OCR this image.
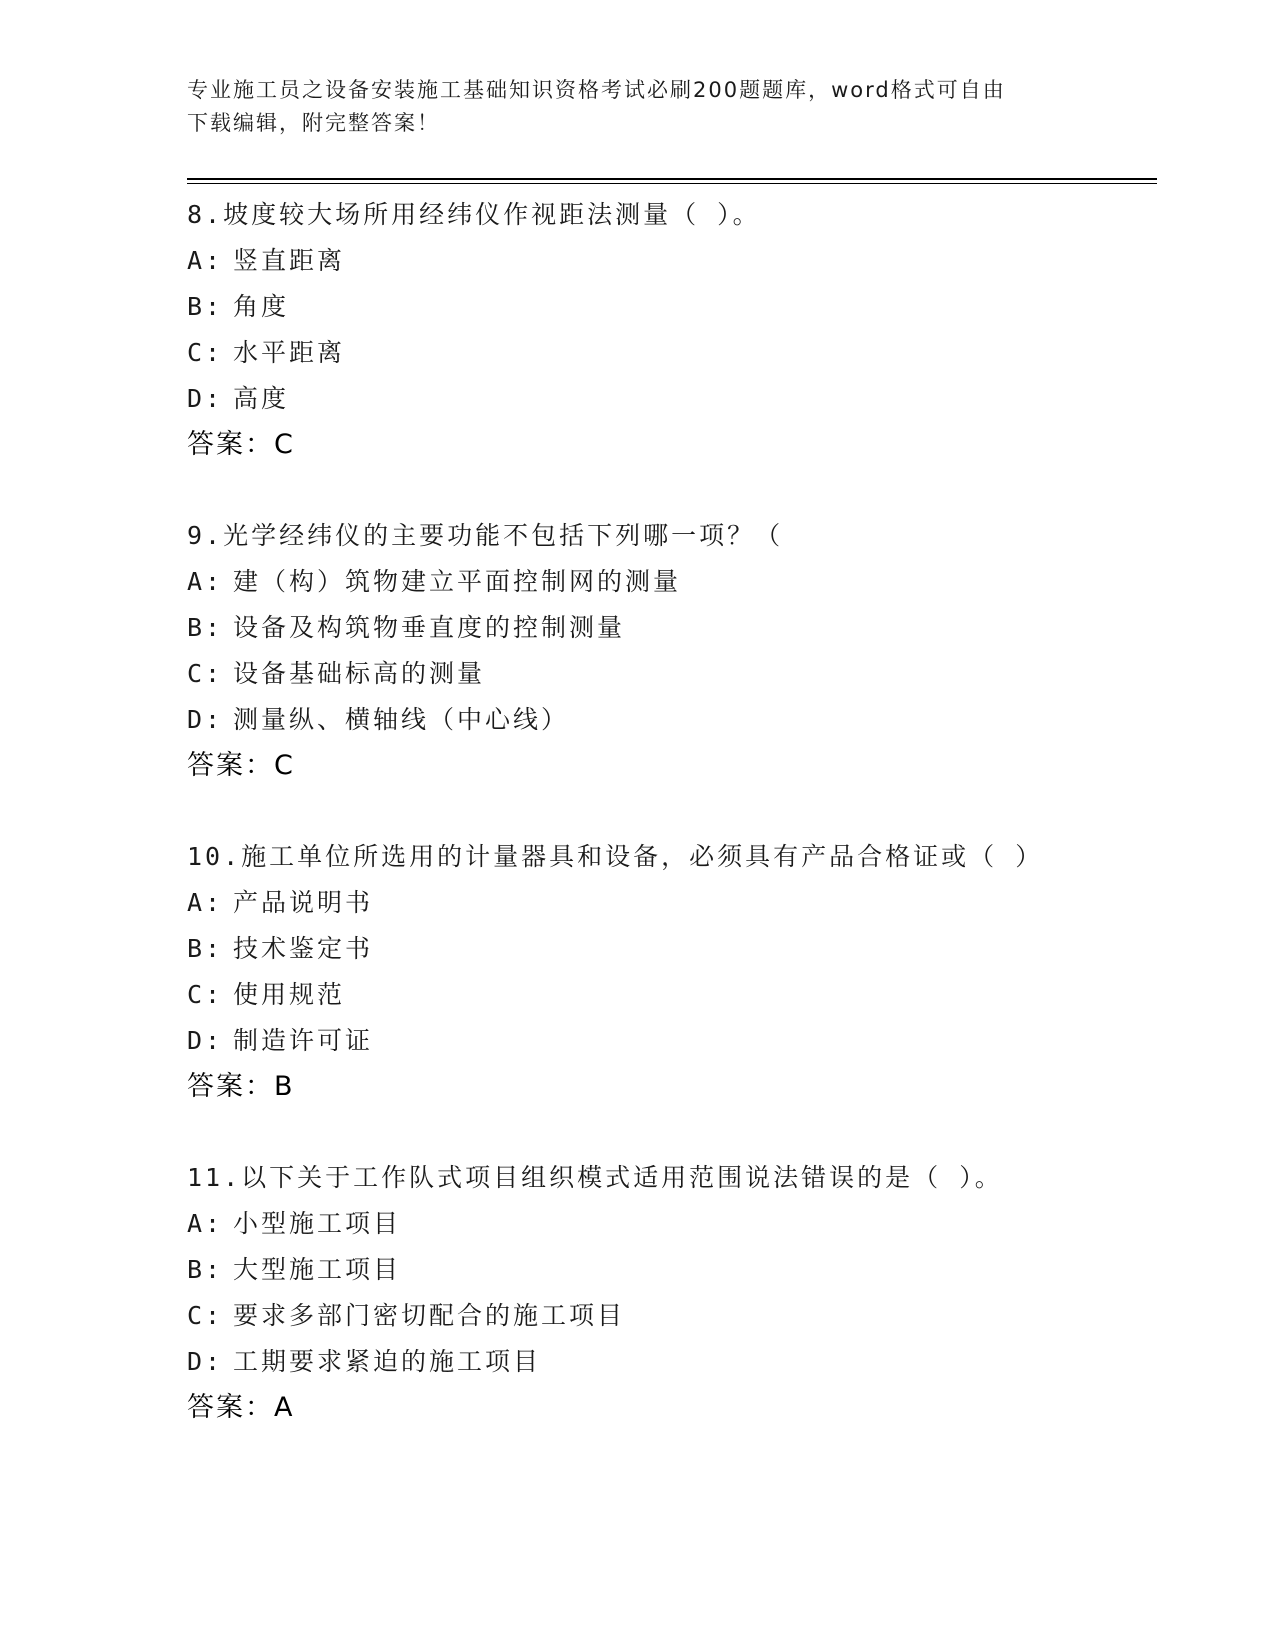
专业施工员之设备安装施工基础知识资格考试必刷200题题库，word格式可自由
下载编辑，附完整答案！
8.坡度较大场所用经纬仪作视距法测量（ ）。
A: 竖直距离
B: 角度
C: 水平距离
D: 高度
答案：C
9.光学经纬仪的主要功能不包括下列哪一项？（
A: 建（构）筑物建立平面控制网的测量
B: 设备及构筑物垂直度的控制测量
C: 设备基础标高的测量
D: 测量纵、横轴线（中心线）
答案：C
10.施工单位所选用的计量器具和设备，必须具有产品合格证或（ ）
A: 产品说明书
B: 技术鉴定书
C: 使用规范
D: 制造许可证
答案：B
11.以下关于工作队式项目组织模式适用范围说法错误的是（ ）。
A: 小型施工项目
B: 大型施工项目
C: 要求多部门密切配合的施工项目
D: 工期要求紧迫的施工项目
答案：A
